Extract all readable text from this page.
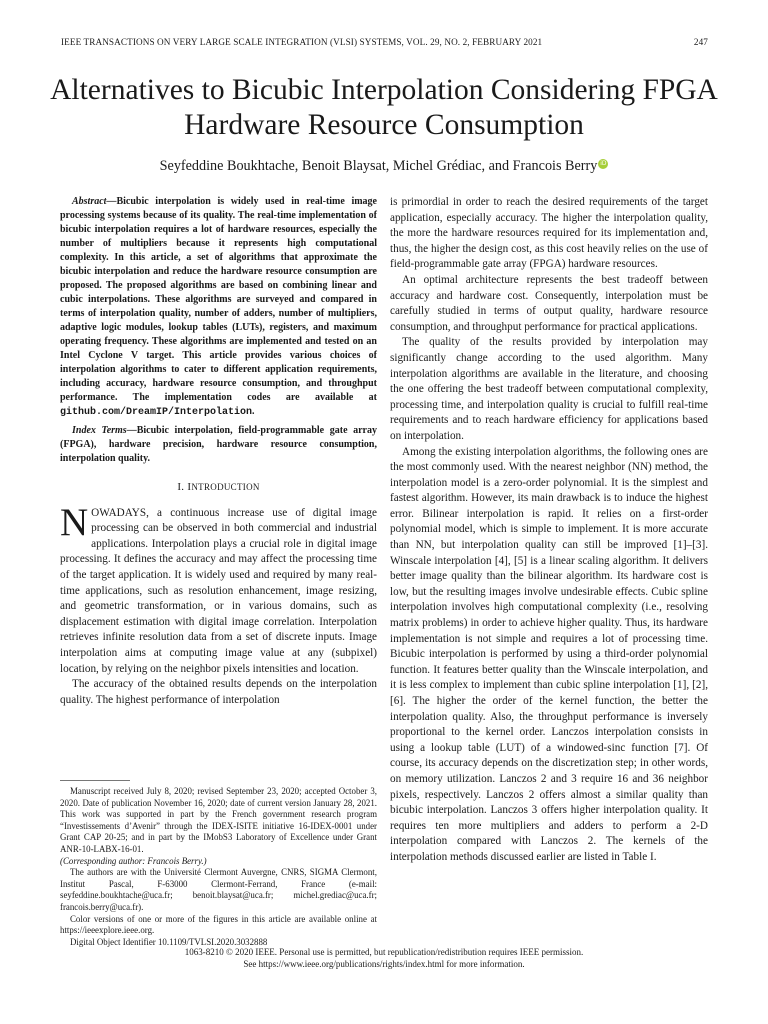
IEEE TRANSACTIONS ON VERY LARGE SCALE INTEGRATION (VLSI) SYSTEMS, VOL. 29, NO. 2, FEBRUARY 2021	247
Alternatives to Bicubic Interpolation Considering FPGA Hardware Resource Consumption
Seyfeddine Boukhtache, Benoit Blaysat, Michel Grédiac, and Francois Berry iD

Abstract—Bicubic interpolation is widely used in real-time image processing systems because of its quality. The real-time implementation of bicubic interpolation requires a lot of hardware resources, especially the number of multipliers because it represents high computational complexity. In this article, a set of algorithms that approximate the bicubic interpolation and reduce the hardware resource consumption are proposed. The proposed algorithms are based on combining linear and cubic interpolations. These algorithms are surveyed and compared in terms of interpolation quality, number of adders, number of multipliers, adaptive logic modules, lookup tables (LUTs), registers, and maximum operating frequency. These algorithms are implemented and tested on an Intel Cyclone V target. This article provides various choices of interpolation algorithms to cater to different application requirements, including accuracy, hardware resource consumption, and throughput performance. The implementation codes are available at github.com/DreamIP/Interpolation.

Index Terms—Bicubic interpolation, field-programmable gate array (FPGA), hardware precision, hardware resource consumption, interpolation quality.

I. INTRODUCTION

NOWADAYS, a continuous increase use of digital image processing can be observed in both commercial and industrial applications. Interpolation plays a crucial role in digital image processing. It defines the accuracy and may affect the processing time of the target application. It is widely used and required by many real-time applications, such as resolution enhancement, image resizing, and geometric transformation, or in various domains, such as displacement estimation with digital image correlation. Interpolation retrieves infinite resolution data from a set of discrete inputs. Image interpolation aims at computing image value at any (subpixel) location, by relying on the neighbor pixels intensities and location.

The accuracy of the obtained results depends on the interpolation quality. The highest performance of interpolation

Manuscript received July 8, 2020; revised September 23, 2020; accepted October 3, 2020. Date of publication November 16, 2020; date of current version January 28, 2021. This work was supported in part by the French government research program “Investissements d’Avenir” through the IDEX-ISITE initiative 16-IDEX-0001 under Grant CAP 20-25; and in part by the IMobS3 Laboratory of Excellence under Grant ANR-10-LABX-16-01.
(Corresponding author: Francois Berry.)

The authors are with the Université Clermont Auvergne, CNRS, SIGMA Clermont, Institut Pascal, F-63000 Clermont-Ferrand, France (e-mail: seyfeddine.boukhtache@uca.fr; benoit.blaysat@uca.fr; michel.grediac@uca.fr; francois.berry@uca.fr).

Color versions of one or more of the figures in this article are available online at https://ieeexplore.ieee.org.

Digital Object Identifier 10.1109/TVLSI.2020.3032888

is primordial in order to reach the desired requirements of the target application, especially accuracy. The higher the interpolation quality, the more the hardware resources required for its implementation and, thus, the higher the design cost, as this cost heavily relies on the use of field-programmable gate array (FPGA) hardware resources.

An optimal architecture represents the best tradeoff between accuracy and hardware cost. Consequently, interpolation must be carefully studied in terms of output quality, hardware resource consumption, and throughput performance for practical applications.

The quality of the results provided by interpolation may significantly change according to the used algorithm. Many interpolation algorithms are available in the literature, and choosing the one offering the best tradeoff between computational complexity, processing time, and interpolation quality is crucial to fulfill real-time requirements and to reach hardware efficiency for applications based on interpolation.

Among the existing interpolation algorithms, the following ones are the most commonly used. With the nearest neighbor (NN) method, the interpolation model is a zero-order polynomial. It is the simplest and fastest algorithm. However, its main drawback is to induce the highest error. Bilinear interpolation is rapid. It relies on a first-order polynomial model, which is simple to implement. It is more accurate than NN, but interpolation quality can still be improved [1]–[3]. Winscale interpolation [4], [5] is a linear scaling algorithm. It delivers better image quality than the bilinear algorithm. Its hardware cost is low, but the resulting images involve undesirable effects. Cubic spline interpolation involves high computational complexity (i.e., resolving matrix problems) in order to achieve higher quality. Thus, its hardware implementation is not simple and requires a lot of processing time. Bicubic interpolation is performed by using a third-order polynomial function. It features better quality than the Winscale interpolation, and it is less complex to implement than cubic spline interpolation [1], [2], [6]. The higher the order of the kernel function, the better the interpolation quality. Also, the throughput performance is inversely proportional to the kernel order. Lanczos interpolation consists in using a lookup table (LUT) of a windowed-sinc function [7]. Of course, its accuracy depends on the discretization step; in other words, on memory utilization. Lanczos 2 and 3 require 16 and 36 neighbor pixels, respectively. Lanczos 2 offers almost a similar quality than bicubic interpolation. Lanczos 3 offers higher interpolation quality. It requires ten more multipliers and adders to perform a 2-D interpolation compared with Lanczos 2. The kernels of the interpolation methods discussed earlier are listed in Table I.

1063-8210 © 2020 IEEE. Personal use is permitted, but republication/redistribution requires IEEE permission.
See https://www.ieee.org/publications/rights/index.html for more information.
